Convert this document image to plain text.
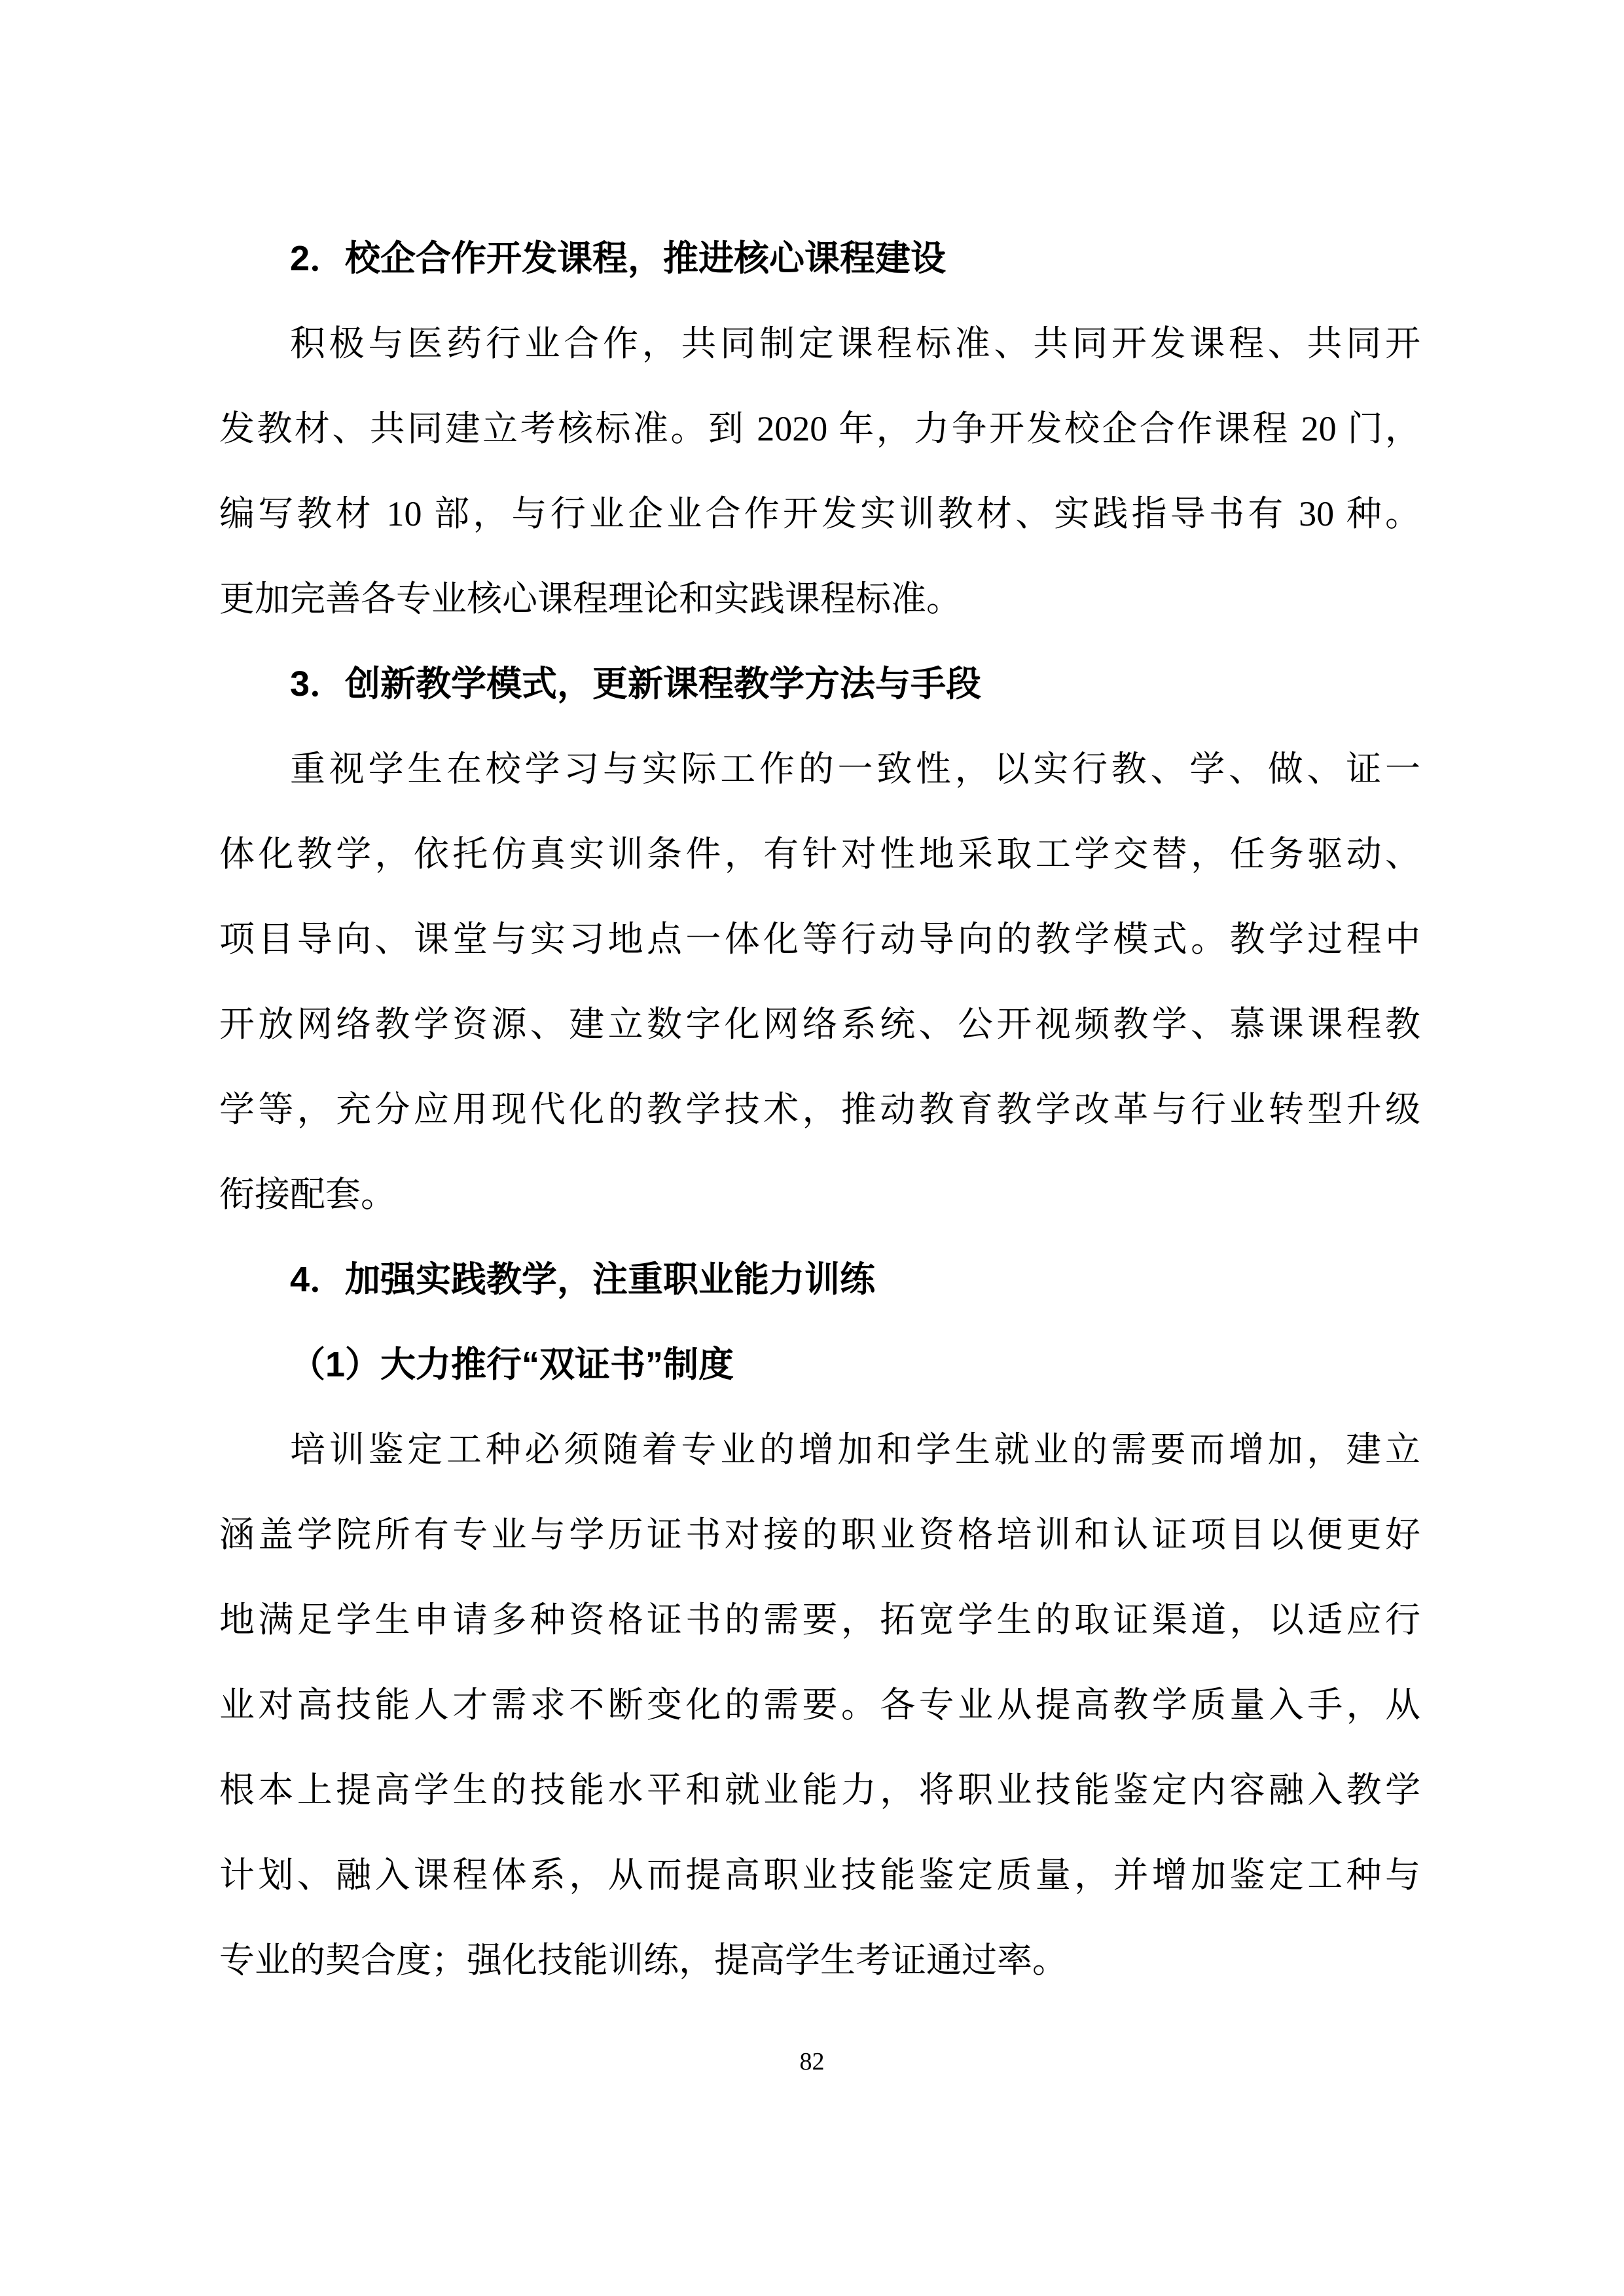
2．校企合作开发课程，推进核心课程建设
积极与医药行业合作，共同制定课程标准、共同开发课程、共同开
发教材、共同建立考核标准。到 2020 年，力争开发校企合作课程 20 门，
编写教材 10 部，与行业企业合作开发实训教材、实践指导书有 30 种。
更加完善各专业核心课程理论和实践课程标准。
3．创新教学模式，更新课程教学方法与手段
重视学生在校学习与实际工作的一致性，以实行教、学、做、证一
体化教学，依托仿真实训条件，有针对性地采取工学交替，任务驱动、
项目导向、课堂与实习地点一体化等行动导向的教学模式。教学过程中
开放网络教学资源、建立数字化网络系统、公开视频教学、慕课课程教
学等，充分应用现代化的教学技术，推动教育教学改革与行业转型升级
衔接配套。
4．加强实践教学，注重职业能力训练
（1）大力推行“双证书”制度
培训鉴定工种必须随着专业的增加和学生就业的需要而增加，建立
涵盖学院所有专业与学历证书对接的职业资格培训和认证项目以便更好
地满足学生申请多种资格证书的需要，拓宽学生的取证渠道，以适应行
业对高技能人才需求不断变化的需要。各专业从提高教学质量入手，从
根本上提高学生的技能水平和就业能力，将职业技能鉴定内容融入教学
计划、融入课程体系，从而提高职业技能鉴定质量，并增加鉴定工种与
专业的契合度；强化技能训练，提高学生考证通过率。
82
